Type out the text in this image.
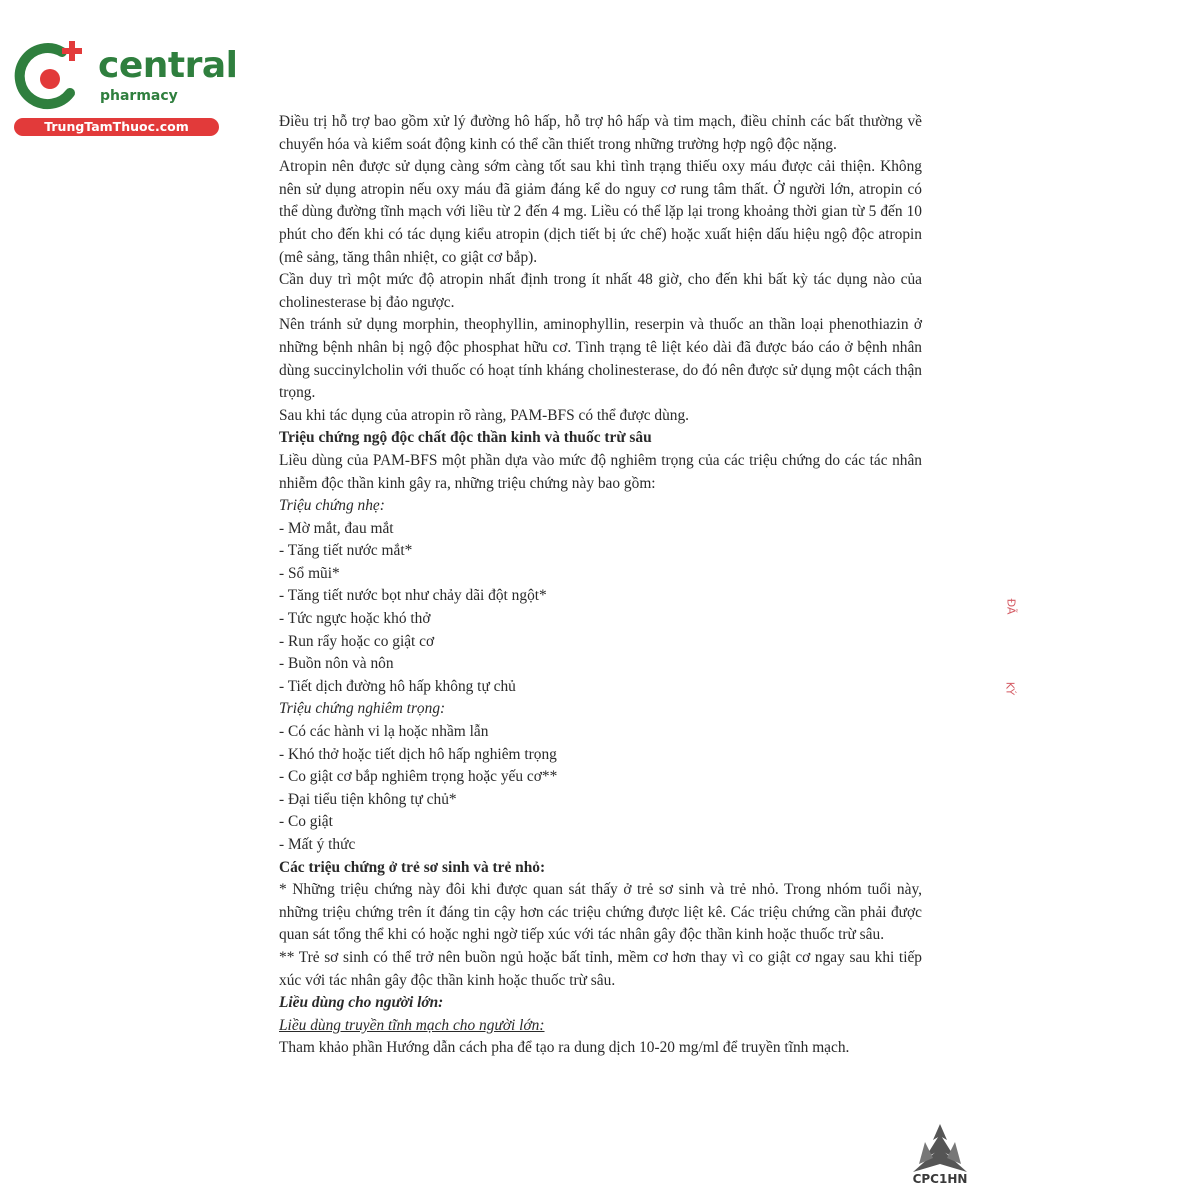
central
pharmacy
TrungTamThuoc.com	Điều trị hỗ trợ bao gồm xử lý đường hô hấp, hỗ trợ hô hấp và tim mạch, điều chỉnh các bất thường về chuyển hóa và kiểm soát động kinh có thể cần thiết trong những trường hợp ngộ độc nặng.

Atropin nên được sử dụng càng sớm càng tốt sau khi tình trạng thiếu oxy máu được cải thiện. Không nên sử dụng atropin nếu oxy máu đã giảm đáng kể do nguy cơ rung tâm thất. Ở người lớn, atropin có thể dùng đường tĩnh mạch với liều từ 2 đến 4 mg. Liều có thể lặp lại trong khoảng thời gian từ 5 đến 10 phút cho đến khi có tác dụng kiểu atropin (dịch tiết bị ức chế) hoặc xuất hiện dấu hiệu ngộ độc atropin (mê sảng, tăng thân nhiệt, co giật cơ bắp).

Cần duy trì một mức độ atropin nhất định trong ít nhất 48 giờ, cho đến khi bất kỳ tác dụng nào của cholinesterase bị đảo ngược.

Nên tránh sử dụng morphin, theophyllin, aminophyllin, reserpin và thuốc an thần loại phenothiazin ở những bệnh nhân bị ngộ độc phosphat hữu cơ. Tình trạng tê liệt kéo dài đã được báo cáo ở bệnh nhân dùng succinylcholin với thuốc có hoạt tính kháng cholinesterase, do đó nên được sử dụng một cách thận trọng.

Sau khi tác dụng của atropin rõ ràng, PAM-BFS có thể được dùng.

Triệu chứng ngộ độc chất độc thần kinh và thuốc trừ sâu

Liều dùng của PAM-BFS một phần dựa vào mức độ nghiêm trọng của các triệu chứng do các tác nhân nhiễm độc thần kinh gây ra, những triệu chứng này bao gồm:

Triệu chứng nhẹ:

- Mờ mắt, đau mắt

- Tăng tiết nước mắt*

- Sổ mũi*

- Tăng tiết nước bọt như chảy dãi đột ngột*

- Tức ngực hoặc khó thở

- Run rẩy hoặc co giật cơ

- Buồn nôn và nôn

- Tiết dịch đường hô hấp không tự chủ

Triệu chứng nghiêm trọng:

- Có các hành vi lạ hoặc nhầm lẫn

- Khó thở hoặc tiết dịch hô hấp nghiêm trọng

- Co giật cơ bắp nghiêm trọng hoặc yếu cơ**

- Đại tiểu tiện không tự chủ*

- Co giật

- Mất ý thức

Các triệu chứng ở trẻ sơ sinh và trẻ nhỏ:

* Những triệu chứng này đôi khi được quan sát thấy ở trẻ sơ sinh và trẻ nhỏ. Trong nhóm tuổi này, những triệu chứng trên ít đáng tin cậy hơn các triệu chứng được liệt kê. Các triệu chứng cần phải được quan sát tổng thể khi có hoặc nghi ngờ tiếp xúc với tác nhân gây độc thần kinh hoặc thuốc trừ sâu.

** Trẻ sơ sinh có thể trở nên buồn ngủ hoặc bất tỉnh, mềm cơ hơn thay vì co giật cơ ngay sau khi tiếp xúc với tác nhân gây độc thần kinh hoặc thuốc trừ sâu.

Liều dùng cho người lớn:

Liều dùng truyền tĩnh mạch cho người lớn:

Tham khảo phần Hướng dẫn cách pha để tạo ra dung dịch 10-20 mg/ml để truyền tĩnh mạch.

ĐÃ
KÝ
CPC1HN
